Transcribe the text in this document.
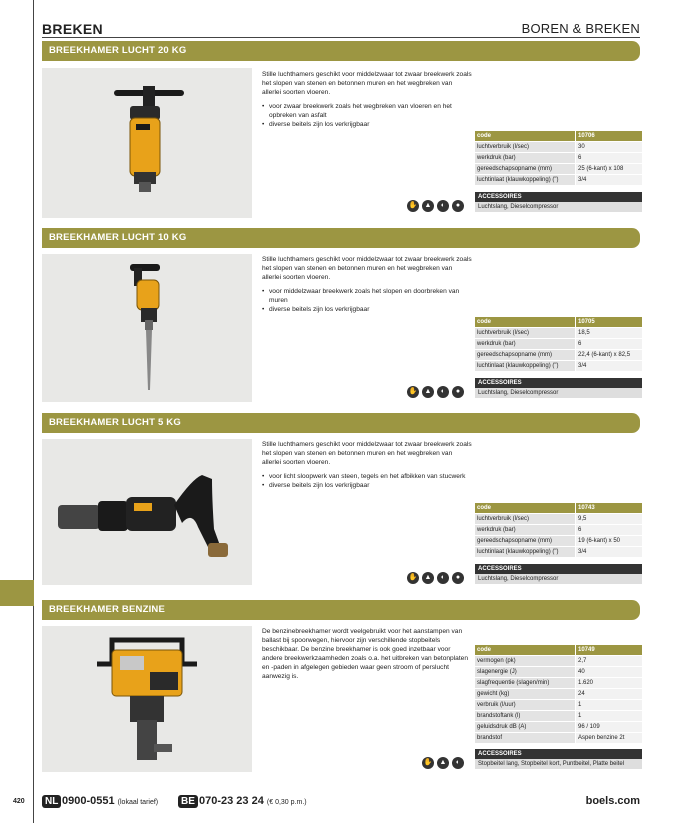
BREKEN	BOREN & BREKEN
BREEKHAMER LUCHT 20 KG

Stille luchthamers geschikt voor middelzwaar tot zwaar breekwerk zoals het slopen van stenen en betonnen muren en het wegbreken van allerlei soorten vloeren.

• voor zwaar breekwerk zoals het wegbreken van vloeren en het opbreken van asfalt
• diverse beitels zijn los verkrijgbaar
code	10706
luchtverbruik (l/sec)	30
werkdruk (bar)	6
gereedschapsopname (mm)	25 (6-kant) x 108
luchtinlaat (klauwkoppeling) (")	3/4
ACCESSOIRES
Luchtslang, Dieselcompressor
✋	▲	◐	●
BREEKHAMER LUCHT 10 KG

Stille luchthamers geschikt voor middelzwaar tot zwaar breekwerk zoals het slopen van stenen en betonnen muren en het wegbreken van allerlei soorten vloeren.

• voor middelzwaar breekwerk zoals het slopen en doorbreken van muren
• diverse beitels zijn los verkrijgbaar
code	10705
luchtverbruik (l/sec)	18,5
werkdruk (bar)	6
gereedschapsopname (mm)	22,4 (6-kant) x 82,5
luchtinlaat (klauwkoppeling) (")	3/4
ACCESSOIRES
Luchtslang, Dieselcompressor
✋	▲	◐	●
BREEKHAMER LUCHT 5 KG

Stille luchthamers geschikt voor middelzwaar tot zwaar breekwerk zoals het slopen van stenen en betonnen muren en het wegbreken van allerlei soorten vloeren.

• voor licht sloopwerk van steen, tegels en het afbikken van stucwerk
• diverse beitels zijn los verkrijgbaar
code	10743
luchtverbruik (l/sec)	9,5
werkdruk (bar)	6
gereedschapsopname (mm)	19 (6-kant) x 50
luchtinlaat (klauwkoppeling) (")	3/4
ACCESSOIRES
Luchtslang, Dieselcompressor
✋	▲	◐	●
BREEKHAMER BENZINE

De benzinebreekhamer wordt veelgebruikt voor het aanstampen van ballast bij spoorwegen, hiervoor zijn verschillende stopbeitels beschikbaar. De benzine breekhamer is ook goed inzetbaar voor andere breekwerkzaamheden zoals o.a. het uitbreken van betonplaten en -paden in afgelegen gebieden waar geen stroom of perslucht aanwezig is.

code	10749
vermogen (pk)	2,7
slagenergie (J)	40
slagfrequentie (slagen/min)	1.620
gewicht (kg)	24
verbruik (l/uur)	1
brandstoftank (l)	1
geluidsdruk dB (A)	96 / 109
brandstof	Aspen benzine 2t
ACCESSOIRES
Stopbeitel lang, Stopbeitel kort, Puntbeitel, Platte beitel
✋	▲	◐
420	NL 0900-0551 (lokaal tarief)	BE 070-23 23 24 (€ 0,30 p.m.)	boels.com
